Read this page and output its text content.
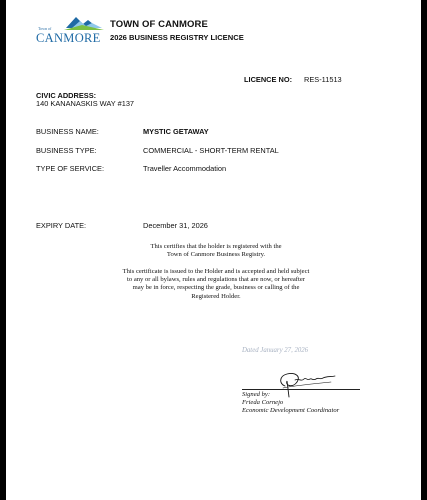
Town of
CANMORE
TOWN OF CANMORE
2026 BUSINESS REGISTRY LICENCE
LICENCE NO: RES-11513
CIVIC ADDRESS:
140 KANANASKIS WAY #137
BUSINESS NAME:	MYSTIC GETAWAY
BUSINESS TYPE:	COMMERCIAL - SHORT-TERM RENTAL
TYPE OF SERVICE:	Traveller Accommodation
EXPIRY DATE:	December 31, 2026
This certifies that the holder is registered with the
Town of Canmore Business Registry.
This certificate is issued to the Holder and is accepted and held subject
to any or all bylaws, rules and regulations that are now, or hereafter
may be in force, respecting the grade, business or calling of the
Registered Holder.
Dated January 27, 2026
Signed by:
Frieda Cornejo
Economic Development Coordinator
